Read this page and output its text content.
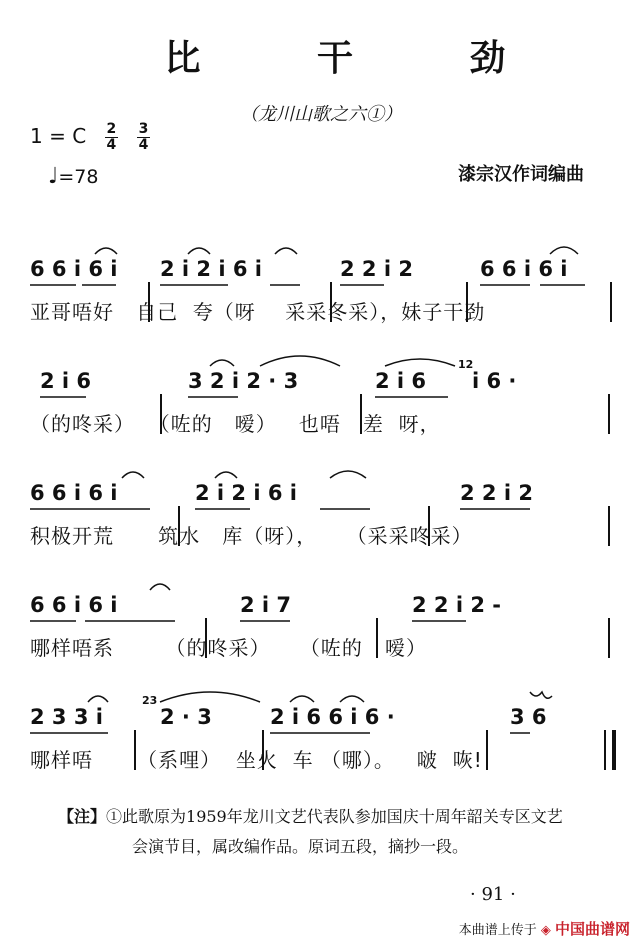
比 干 劲
（龙川山歌之六①）
1 = C $\frac{2}{4} \frac{3}{4}$
♩=78	漆宗汉作词编曲
6 6 i 6 i 2 i 2 i 6 i	2 2 i 2	6 6 i 6 i
亚哥唔好   自己  夸（呀    采采冬采），妹子干劲
2 i 6	3 2 i 2 · 3	2 i 6
12
i 6 ·
（的咚采）  （咗的   嗳）   也唔   差  呀，
6 6 i 6 i	2 i 2 i 6 i	2 2 i 2
积极开荒      筑水   库（呀），    （采采咚采）
6 6 i 6 i	2 i 7	2 2 i 2 -
哪样唔系       （的咚采）    （咗的   嗳）
2 3 3 i
23
2 · 3	2 i 6 6 i 6 ·	3 6
哪样唔      （系哩）  坐火  车 （哪）。   啵  咴!
【注】①此歌原为1959年龙川文艺代表队参加国庆十周年韶关专区文艺
会演节目，属改编作品。原词五段，摘抄一段。
· 91 ·
本曲谱上传于 ◈ 中国曲谱网
